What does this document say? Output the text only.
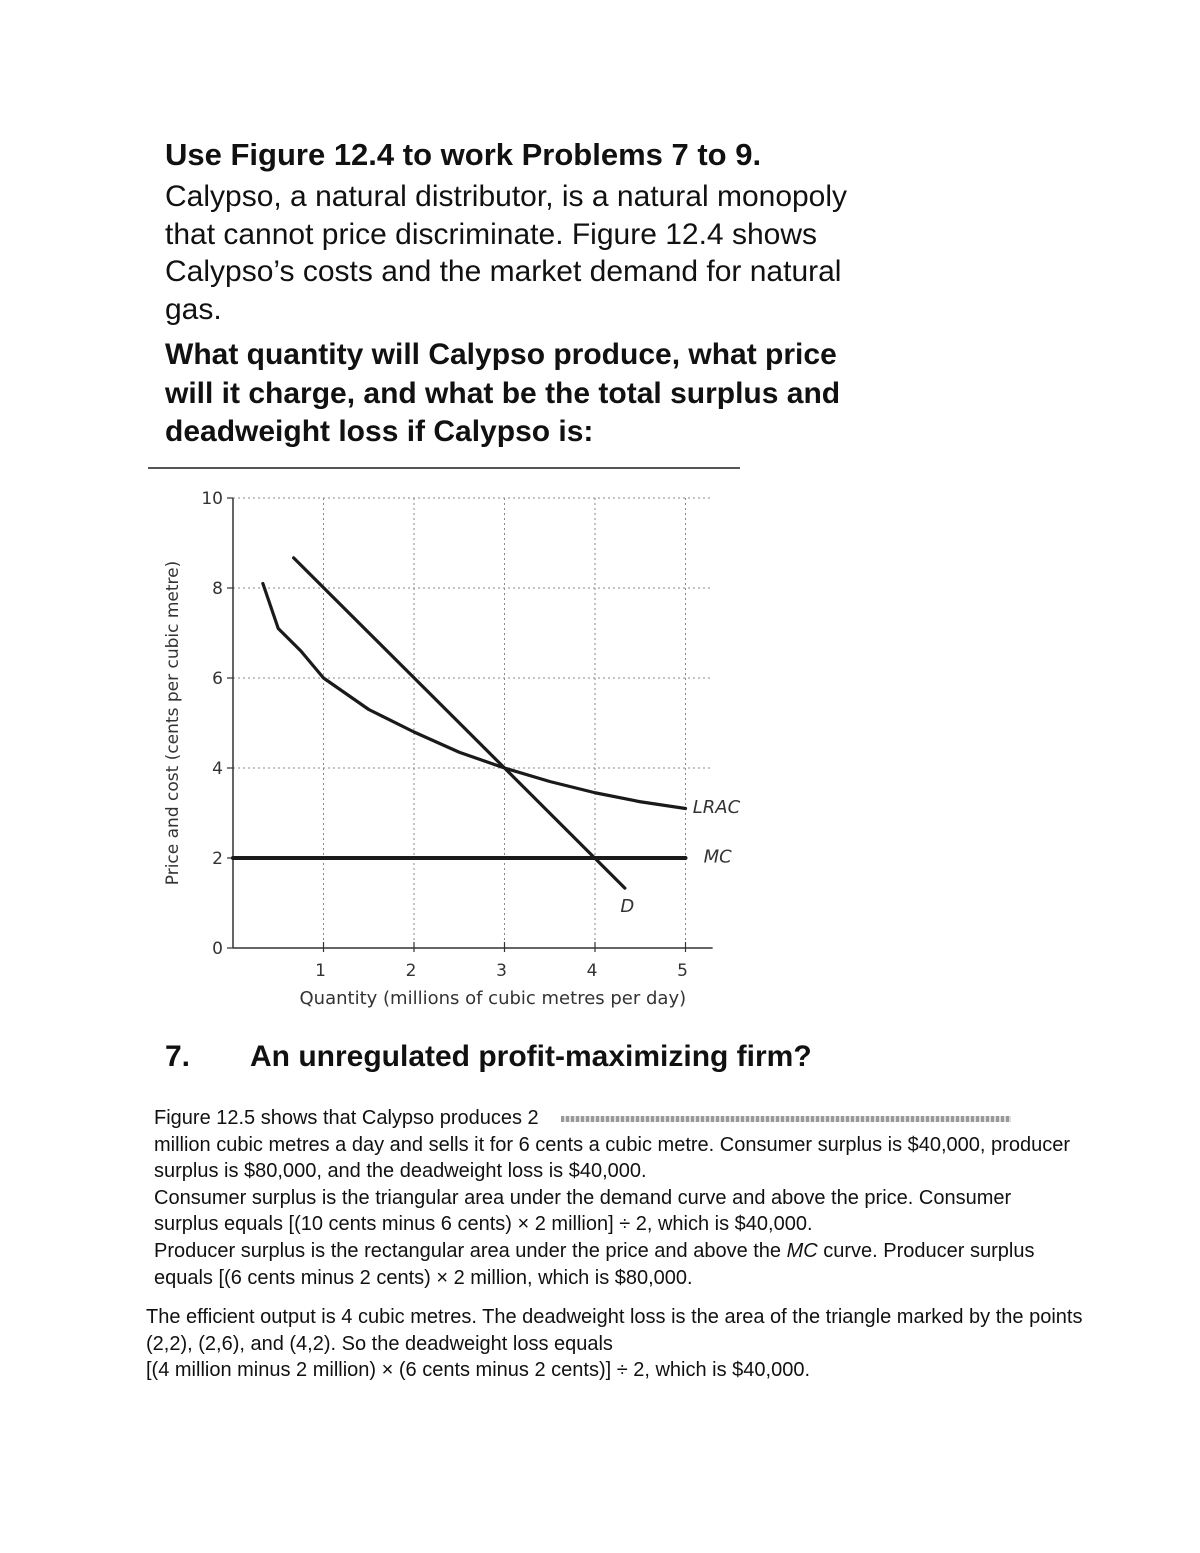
Use Figure 12.4 to work Problems 7 to 9.
Calypso, a natural distributor, is a natural monopoly that cannot price discriminate. Figure 12.4 shows Calypso’s costs and the market demand for natural gas.
What quantity will Calypso produce, what price will it charge, and what be the total surplus and deadweight loss if Calypso is:
0
2
4
6
8
10
1	2	3	4	5
Quantity (millions of cubic metres per day)
Price and cost (cents per cubic metre)	LRAC
D
MC
7. An unregulated profit-maximizing firm?

Figure 12.5 shows that Calypso produces 2

million cubic metres a day and sells it for 6 cents a cubic metre. Consumer surplus is $40,000, producer surplus is $80,000, and the deadweight loss is $40,000.

Consumer surplus is the triangular area under the demand curve and above the price. Consumer surplus equals [(10 cents minus 6 cents) × 2 million] ÷ 2, which is $40,000.

Producer surplus is the rectangular area under the price and above the MC curve. Producer surplus equals [(6 cents minus 2 cents) × 2 million, which is $80,000.

The efficient output is 4 cubic metres. The deadweight loss is the area of the triangle marked by the points (2,2), (2,6), and (4,2). So the deadweight loss equals

[(4 million minus 2 million) × (6 cents minus 2 cents)] ÷ 2, which is $40,000.
